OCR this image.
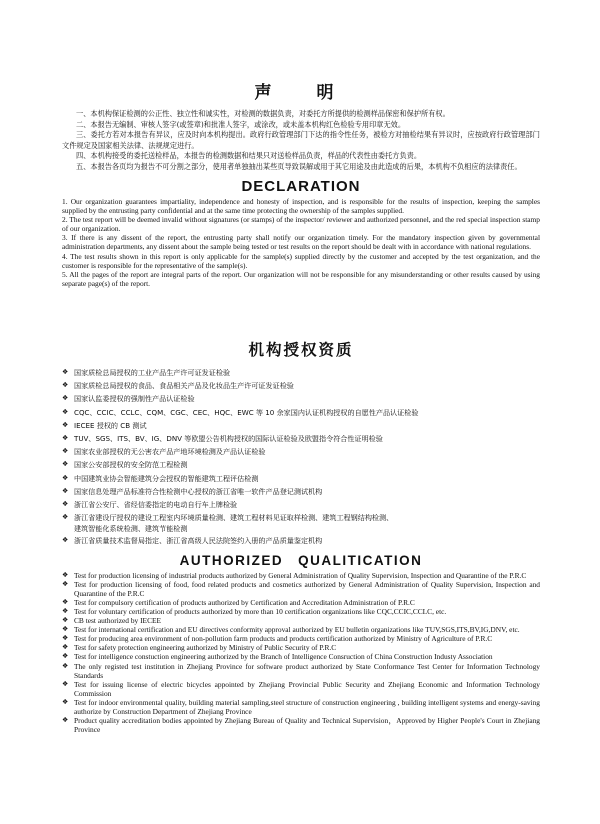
声　明

一、本机构保证检测的公正性、独立性和诚实性，对检测的数据负责，对委托方所提供的检测样品保密和保护所有权。

二、本报告无编制、审核人签字(或签章)和批准人签字，或涂改，或未盖本机构红色检验专用印章无效。

三、委托方若对本报告有异议，应及时向本机构提出。政府行政管理部门下达的指令性任务，被检方对抽检结果有异议时，应按政府行政管理部门文件规定及国家相关法律、法规规定进行。

四、本机构接受的委托送检样品，本报告的检测数据和结果只对送检样品负责，样品的代表性由委托方负责。

五、本报告各页均为报告不可分割之部分，使用者单独抽出某些页导致误解或用于其它用途及由此造成的后果，本机构不负相应的法律责任。

DECLARATION

1. Our organization guarantees impartiality, independence and honesty of inspection, and is responsible for the results of inspection, keeping the samples supplied by the entrusting party confidential and at the same time protecting the ownership of the samples supplied.

2. The test report will be deemed invalid without signatures (or stamps) of the inspector/ reviewer and authorized personnel, and the red special inspection stamp of our organization.

3. If there is any dissent of the report, the entrusting party shall notify our organization timely. For the mandatory inspection given by governmental administration departments, any dissent about the sample being tested or test results on the report should be dealt with in accordance with national regulations.

4. The test results shown in this report is only applicable for the sample(s) supplied directly by the customer and accepted by the test organization, and the customer is responsible for the representative of the sample(s).

5. All the pages of the report are integral parts of the report. Our organization will not be responsible for any misunderstanding or other results caused by using separate page(s) of the report.

机构授权资质
❖ 国家质检总局授权的工业产品生产许可证发证检验
❖ 国家质检总局授权的食品、食品相关产品及化妆品生产许可证发证检验
❖ 国家认监委授权的强制性产品认证检验
❖ CQC、CCIC、CCLC、CQM、CGC、CEC、HQC、EWC 等 10 余家国内认证机构授权的自愿性产品认证检验
❖ IECEE 授权的 CB 测试
❖ TUV、SGS、ITS、BV、IG、DNV 等欧盟公告机构授权的国际认证检验及欧盟指令符合性证明检验
❖ 国家农业部授权的无公害农产品产地环境检测及产品认证检验
❖ 国家公安部授权的安全防范工程检测
❖ 中国建筑业协会智能建筑分会授权的智能建筑工程评估检测
❖ 国家信息处理产品标准符合性检测中心授权的浙江省唯一软件产品登记测试机构
❖ 浙江省公安厅、省经信委指定的电动自行车上牌检验
❖ 浙江省建设厅授权的建设工程室内环境质量检测、建筑工程材料见证取样检测、建筑工程钢结构检测、
建筑智能化系统检测、建筑节能检测
❖ 浙江省质量技术监督局指定、浙江省高级人民法院签约入册的产品质量鉴定机构
AUTHORIZED　QUALITICATION
❖ Test for production licensing of industrial products authorized by General Administration of Quality Supervision, Inspection and Quarantine of the P.R.C
❖ Test for production licensing of food, food related products and cosmetics authorized by General Administration of Quality Supervision, Inspection and Quarantine of the P.R.C
❖ Test for compulsory certification of products authorized by Certification and Accreditation Administration of P.R.C
❖ Test for voluntary certification of products authorized by more than 10 certification organizations like CQC,CCIC,CCLC, etc.
❖ CB test authorized by IECEE
❖ Test for international certification and EU directives conformity approval authorized by EU bulletin organizations like TUV,SGS,ITS,BV,IG,DNV, etc.
❖ Test for producing area environment of non-pollution farm products and products certification authorized by Ministry of Agriculture of P.R.C
❖ Test for safety protection engineering authorized by Ministry of Public Security of P.R.C
❖ Test for intelligence constuction engineering authorized by the Branch of Intelligence Consruction of China Construction Industy Association
❖ The only registed test institution in Zhejiang Province for software product authorized by State Conformance Test Center for Information Technology Standards
❖ Test for issuing license of electric bicycles appointed by Zhejiang Provincial Public Security and Zhejiang Economic and Information Technology Commission
❖ Test for indoor environmental quality, building material sampling,steel structure of construction engineering , building intelligent systems and energy-saving authorize by Construction Department of Zhejiang Province
❖ Product quality accreditation bodies appointed by Zhejiang Bureau of Quality and Technical Supervision，Approved by Higher People's Court in Zhejiang Province
